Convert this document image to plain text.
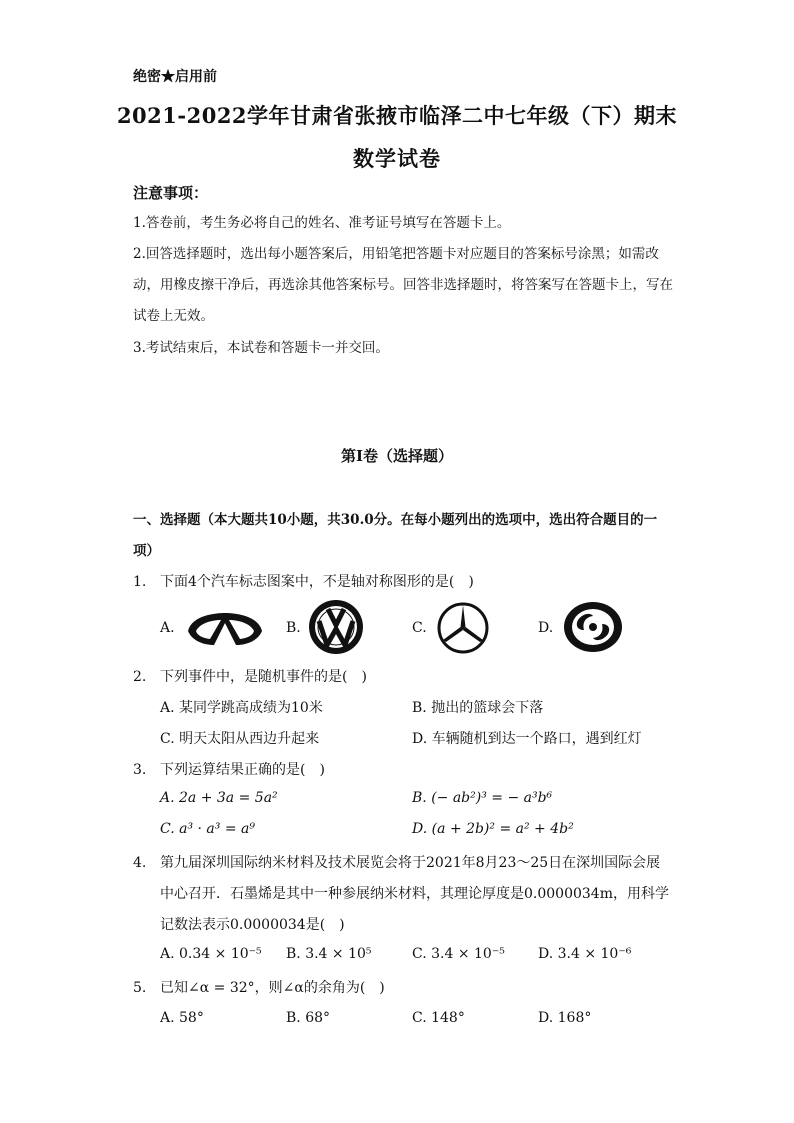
绝密★启用前
2021-2022学年甘肃省张掖市临泽二中七年级（下）期末
数学试卷
注意事项：
1.答卷前，考生务必将自己的姓名、准考证号填写在答题卡上。
2.回答选择题时，选出每小题答案后，用铅笔把答题卡对应题目的答案标号涂黑；如需改动，用橡皮擦干净后，再选涂其他答案标号。回答非选择题时，将答案写在答题卡上，写在试卷上无效。
3.考试结束后，本试卷和答题卡一并交回。
第I卷（选择题）
一、选择题（本大题共10小题，共30.0分。在每小题列出的选项中，选出符合题目的一项）
1. 下面4个汽车标志图案中，不是轴对称图形的是(　)
A.	B.	C.	D.
2. 下列事件中，是随机事件的是(　)
A. 某同学跳高成绩为10米	B. 抛出的篮球会下落
C. 明天太阳从西边升起来	D. 车辆随机到达一个路口，遇到红灯
3. 下列运算结果正确的是(　)
A. 2a + 3a = 5a²	B. (− ab²)³ = − a³b⁶
C. a³ · a³ = a⁹	D. (a + 2b)² = a² + 4b²
4. 第九届深圳国际纳米材料及技术展览会将于2021年8月23～25日在深圳国际会展
中心召开．石墨烯是其中一种参展纳米材料，其理论厚度是0.0000034m，用科学
记数法表示0.0000034是(　)
A. 0.34 × 10⁻⁵ B. 3.4 × 10⁵	C. 3.4 × 10⁻⁵ D. 3.4 × 10⁻⁶
5. 已知∠α = 32°，则∠α的余角为(　)
A. 58°	B. 68°	C. 148°	D. 168°
